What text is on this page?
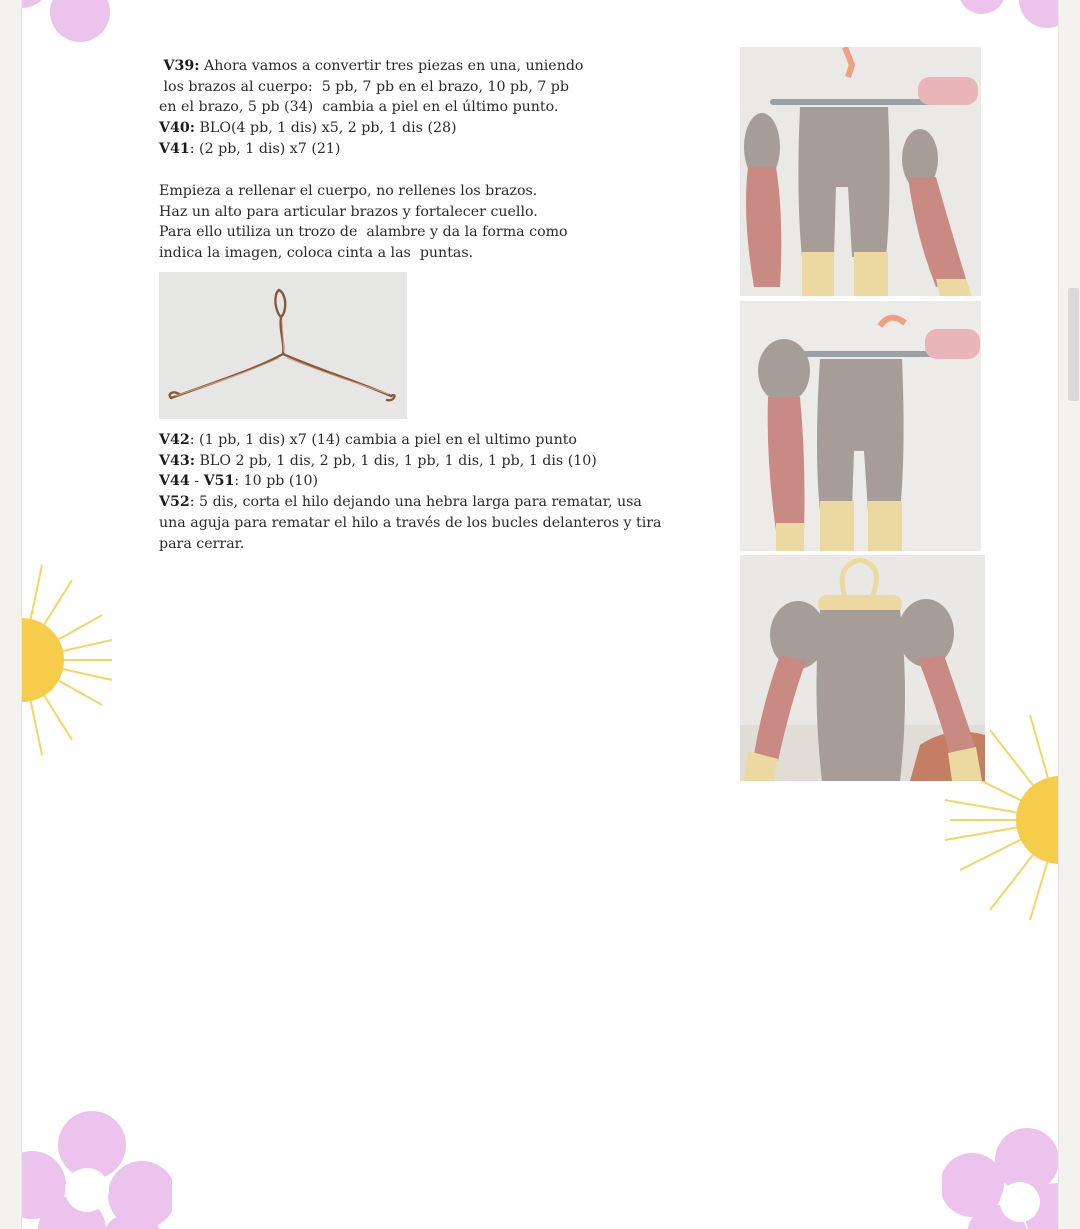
V39: Ahora vamos a convertir tres piezas en una, uniendo

los brazos al cuerpo:  5 pb, 7 pb en el brazo, 10 pb, 7 pb

en el brazo, 5 pb (34)  cambia a piel en el último punto.

V40: BLO(4 pb, 1 dis) x5, 2 pb, 1 dis (28)

V41: (2 pb, 1 dis) x7 (21)

Empieza a rellenar el cuerpo, no rellenes los brazos.

Haz un alto para articular brazos y fortalecer cuello.

Para ello utiliza un trozo de  alambre y da la forma como

indica la imagen, coloca cinta a las  puntas.

V42: (1 pb, 1 dis) x7 (14) cambia a piel en el ultimo punto

V43: BLO 2 pb, 1 dis, 2 pb, 1 dis, 1 pb, 1 dis, 1 pb, 1 dis (10)

V44 - V51: 10 pb (10)

V52: 5 dis, corta el hilo dejando una hebra larga para rematar, usa

una aguja para rematar el hilo a través de los bucles delanteros y tira

para cerrar.
